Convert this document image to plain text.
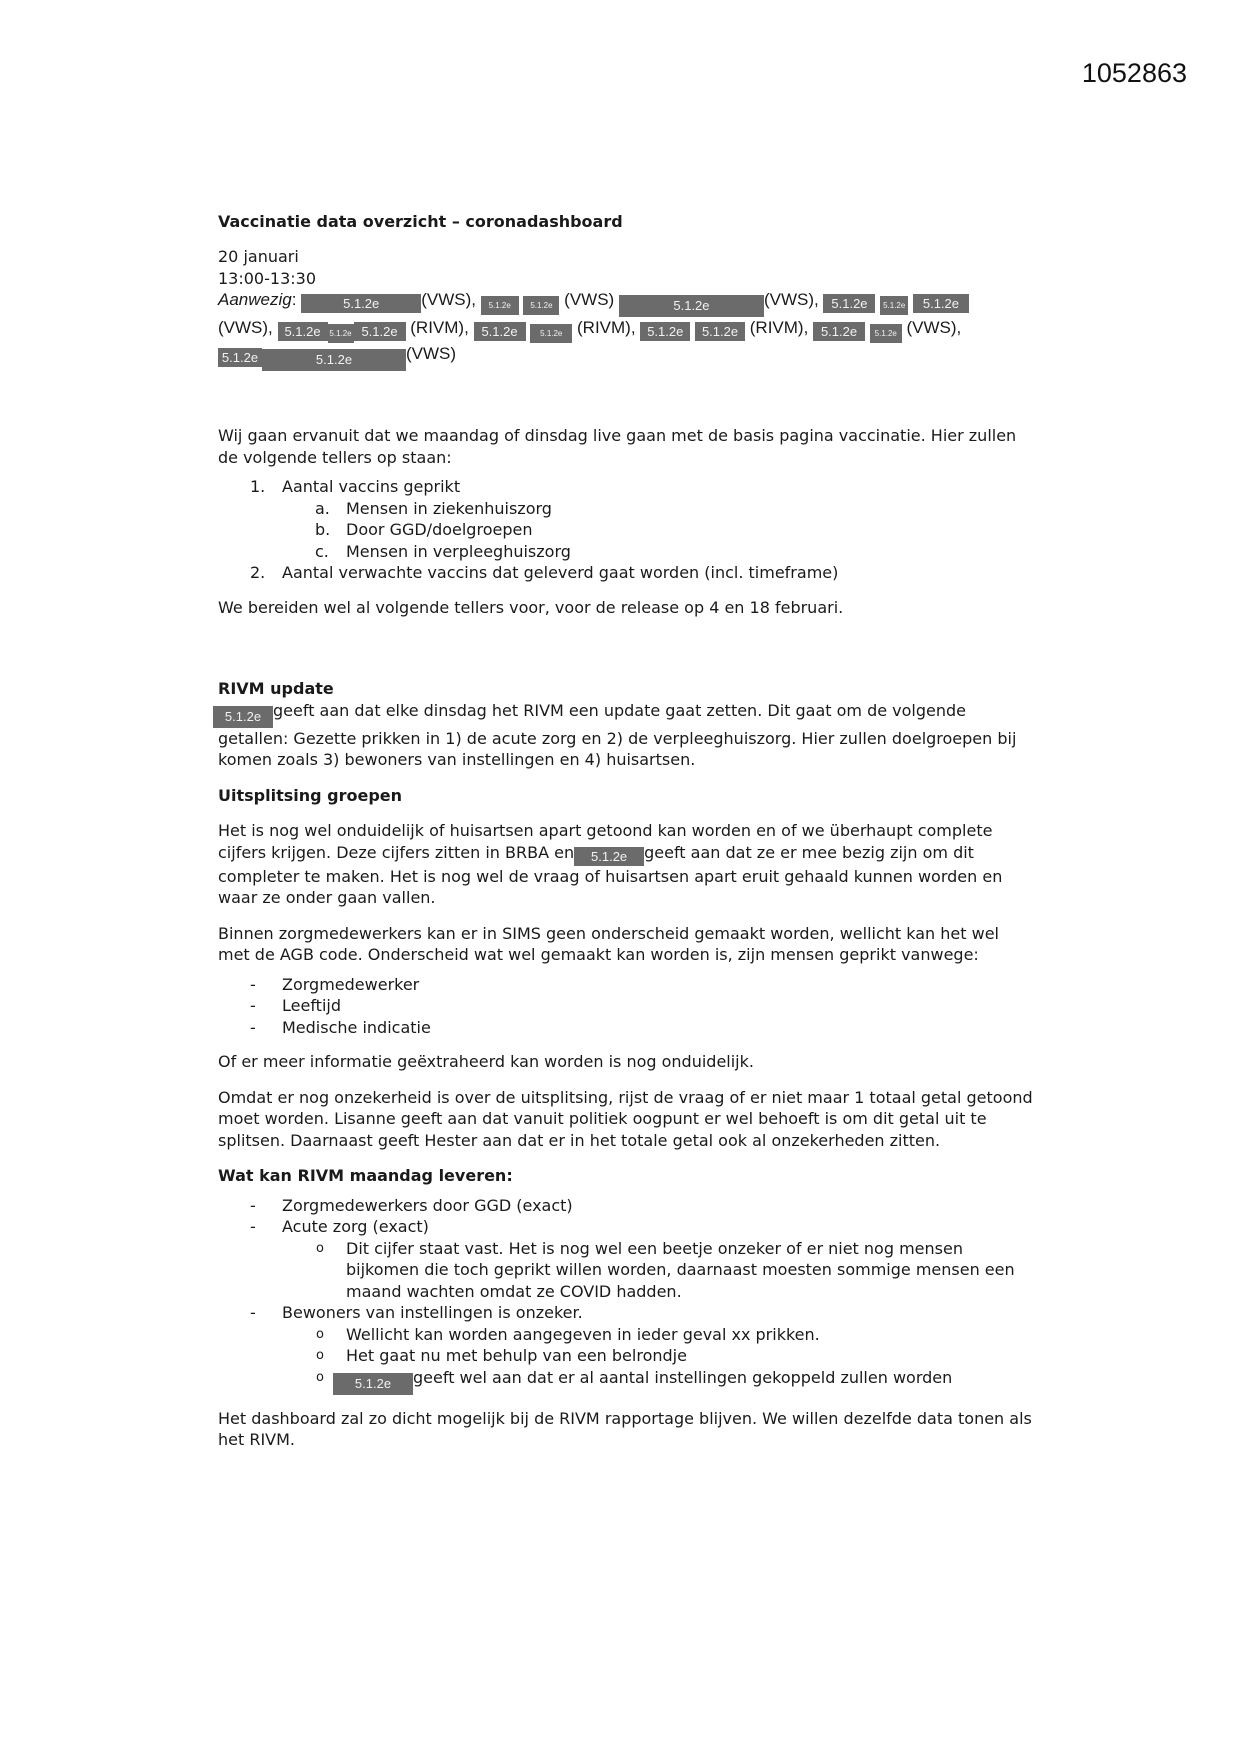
1052863
Vaccinatie data overzicht – coronadashboard

20 januari

13:00-13:30

Aanwezig:	5.1.2e (VWS), 5.1.2e 5.1.2e (VWS)	5.1.2e	(VWS), 5.1.2e 5.1.2e 5.1.2e
(VWS), 5.1.2e 5.1.2e 5.1.2e (RIVM), 5.1.2e	5.1.2e (RIVM), 5.1.2e 5.1.2e (RIVM), 5.1.2e 5.1.2e (VWS),
5.1.2e	5.1.2e	(VWS)

Wij gaan ervanuit dat we maandag of dinsdag live gaan met de basis pagina vaccinatie. Hier zullen de volgende tellers op staan:

1. Aantal vaccins geprikt
a. Mensen in ziekenhuiszorg
b. Door GGD/doelgroepen
c. Mensen in verpleeghuiszorg
2. Aantal verwachte vaccins dat geleverd gaat worden (incl. timeframe)

We bereiden wel al volgende tellers voor, voor de release op 4 en 18 februari.

RIVM update

5.1.2e geeft aan dat elke dinsdag het RIVM een update gaat zetten. Dit gaat om de volgende getallen: Gezette prikken in 1) de acute zorg en 2) de verpleeghuiszorg. Hier zullen doelgroepen bij komen zoals 3) bewoners van instellingen en 4) huisartsen.

Uitsplitsing groepen

Het is nog wel onduidelijk of huisartsen apart getoond kan worden en of we überhaupt complete cijfers krijgen. Deze cijfers zitten in BRBA en 5.1.2e geeft aan dat ze er mee bezig zijn om dit completer te maken. Het is nog wel de vraag of huisartsen apart eruit gehaald kunnen worden en waar ze onder gaan vallen.

Binnen zorgmedewerkers kan er in SIMS geen onderscheid gemaakt worden, wellicht kan het wel met de AGB code. Onderscheid wat wel gemaakt kan worden is, zijn mensen geprikt vanwege:

- Zorgmedewerker
- Leeftijd
- Medische indicatie

Of er meer informatie geëxtraheerd kan worden is nog onduidelijk.

Omdat er nog onzekerheid is over de uitsplitsing, rijst de vraag of er niet maar 1 totaal getal getoond moet worden. Lisanne geeft aan dat vanuit politiek oogpunt er wel behoeft is om dit getal uit te splitsen. Daarnaast geeft Hester aan dat er in het totale getal ook al onzekerheden zitten.

Wat kan RIVM maandag leveren:
- Zorgmedewerkers door GGD (exact)
- Acute zorg (exact)
o Dit cijfer staat vast. Het is nog wel een beetje onzeker of er niet nog mensen bijkomen die toch geprikt willen worden, daarnaast moesten sommige mensen een maand wachten omdat ze COVID hadden.
- Bewoners van instellingen is onzeker.
o Wellicht kan worden aangegeven in ieder geval xx prikken.
o Het gaat nu met behulp van een belrondje
o 5.1.2e geeft wel aan dat er al aantal instellingen gekoppeld zullen worden

Het dashboard zal zo dicht mogelijk bij de RIVM rapportage blijven. We willen dezelfde data tonen als het RIVM.
